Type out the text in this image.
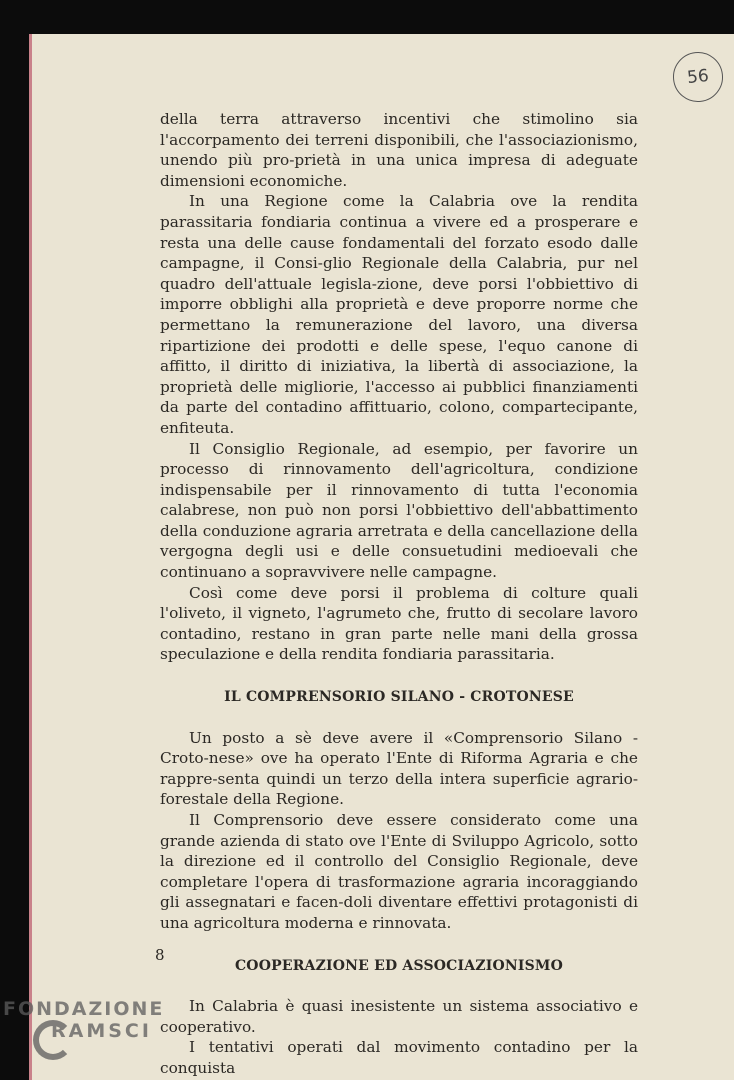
56

della terra attraverso incentivi che stimolino sia l'accorpamento dei terreni disponibili, che l'associazionismo, unendo più pro-prietà in una unica impresa di adeguate dimensioni economiche.

In una Regione come la Calabria ove la rendita parassitaria fondiaria continua a vivere ed a prosperare e resta una delle cause fondamentali del forzato esodo dalle campagne, il Consi-glio Regionale della Calabria, pur nel quadro dell'attuale legisla-zione, deve porsi l'obbiettivo di imporre obblighi alla proprietà e deve proporre norme che permettano la remunerazione del lavoro, una diversa ripartizione dei prodotti e delle spese, l'equo canone di affitto, il diritto di iniziativa, la libertà di associazione, la proprietà delle migliorie, l'accesso ai pubblici finanziamenti da parte del contadino affittuario, colono, compartecipante, enfiteuta.

Il Consiglio Regionale, ad esempio, per favorire un processo di rinnovamento dell'agricoltura, condizione indispensabile per il rinnovamento di tutta l'economia calabrese, non può non porsi l'obbiettivo dell'abbattimento della conduzione agraria arretrata e della cancellazione della vergogna degli usi e delle consuetudini medioevali che continuano a sopravvivere nelle campagne.

Così come deve porsi il problema di colture quali l'oliveto, il vigneto, l'agrumeto che, frutto di secolare lavoro contadino, restano in gran parte nelle mani della grossa speculazione e della rendita fondiaria parassitaria.

IL COMPRENSORIO SILANO - CROTONESE

Un posto a sè deve avere il «Comprensorio Silano - Croto-nese» ove ha operato l'Ente di Riforma Agraria e che rappre-senta quindi un terzo della intera superficie agrario-forestale della Regione.

Il Comprensorio deve essere considerato come una grande azienda di stato ove l'Ente di Sviluppo Agricolo, sotto la direzione ed il controllo del Consiglio Regionale, deve completare l'opera di trasformazione agraria incoraggiando gli assegnatari e facen-doli diventare effettivi protagonisti di una agricoltura moderna e rinnovata.

COOPERAZIONE ED ASSOCIAZIONISMO

In Calabria è quasi inesistente un sistema associativo e cooperativo.

I tentativi operati dal movimento contadino per la conquista

8
FONDAZIONE
RAMSCI
